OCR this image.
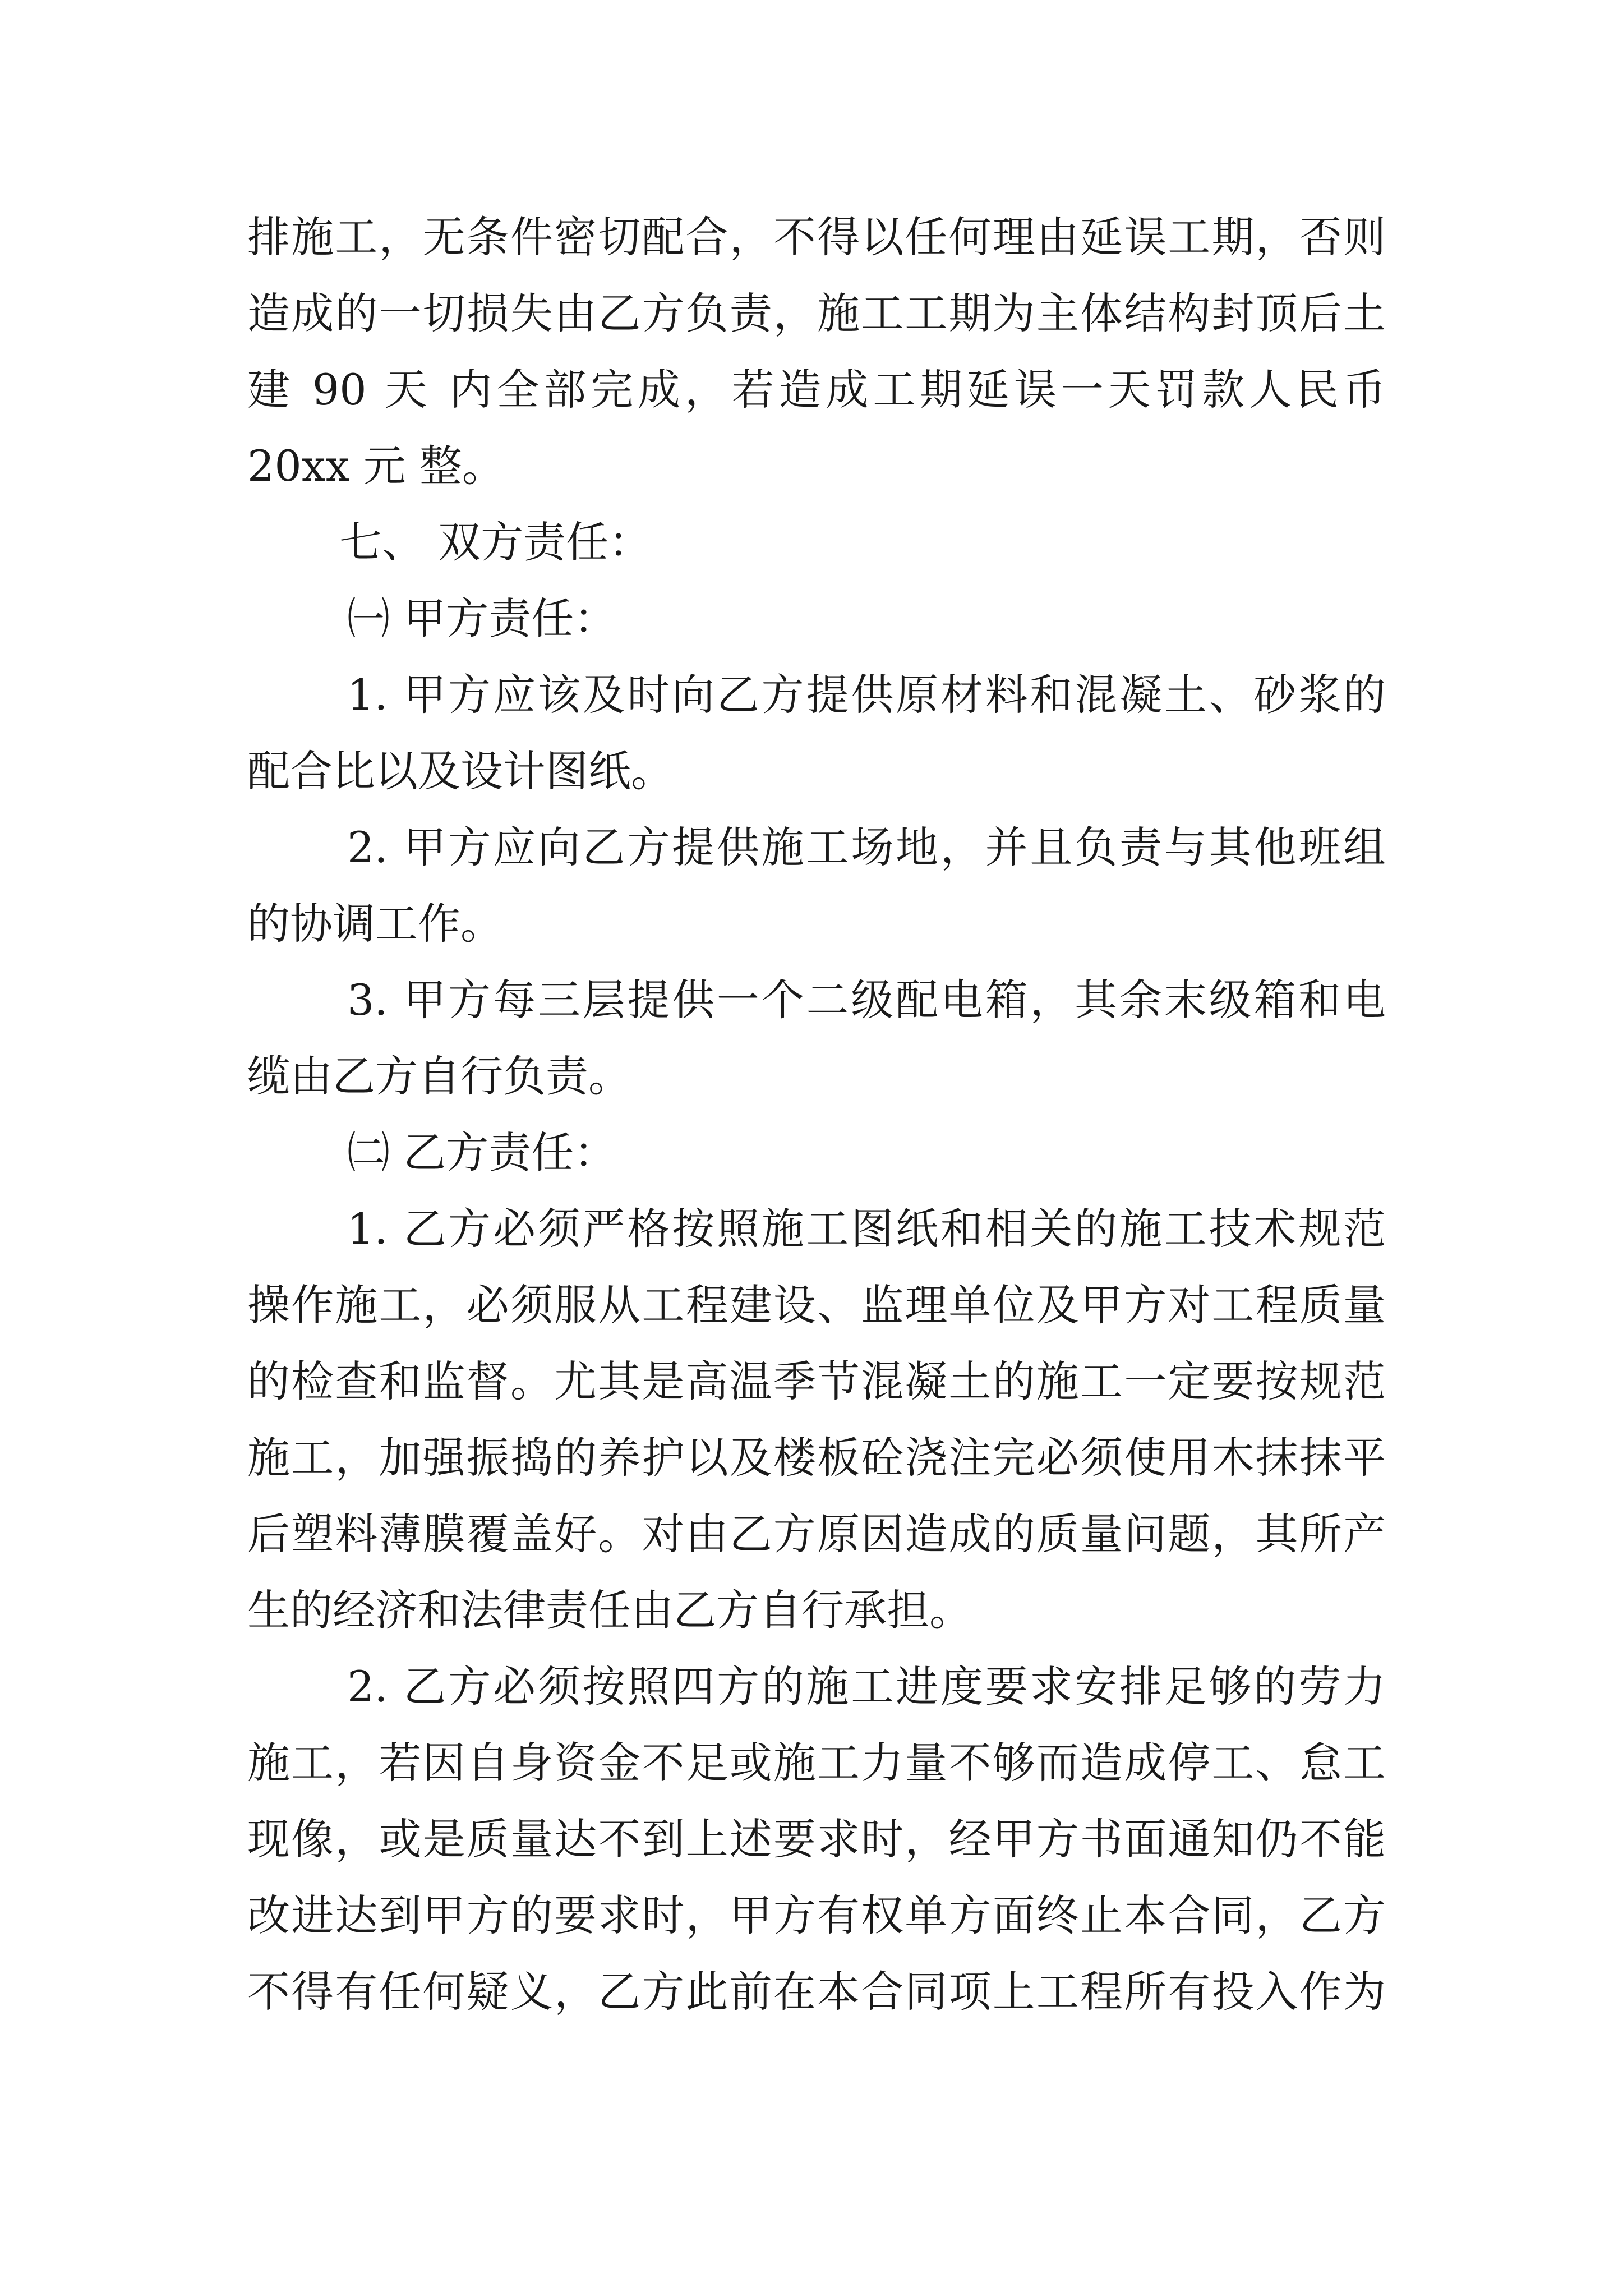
排施工，无条件密切配合，不得以任何理由延误工期，否则
造成的一切损失由乙方负责，施工工期为主体结构封顶后土
建 90 天 内全部完成，若造成工期延误一天罚款人民币
20xx 元 整。
七、 双方责任：
㈠ 甲方责任：
1. 甲方应该及时向乙方提供原材料和混凝土、砂浆的
配合比以及设计图纸。
2. 甲方应向乙方提供施工场地，并且负责与其他班组
的协调工作。
3. 甲方每三层提供一个二级配电箱，其余末级箱和电
缆由乙方自行负责。
㈡ 乙方责任：
1. 乙方必须严格按照施工图纸和相关的施工技术规范
操作施工，必须服从工程建设、监理单位及甲方对工程质量
的检查和监督。尤其是高温季节混凝土的施工一定要按规范
施工，加强振捣的养护以及楼板砼浇注完必须使用木抹抹平
后塑料薄膜覆盖好。对由乙方原因造成的质量问题，其所产
生的经济和法律责任由乙方自行承担。
2. 乙方必须按照四方的施工进度要求安排足够的劳力
施工，若因自身资金不足或施工力量不够而造成停工、怠工
现像，或是质量达不到上述要求时，经甲方书面通知仍不能
改进达到甲方的要求时，甲方有权单方面终止本合同，乙方
不得有任何疑义，乙方此前在本合同项上工程所有投入作为
